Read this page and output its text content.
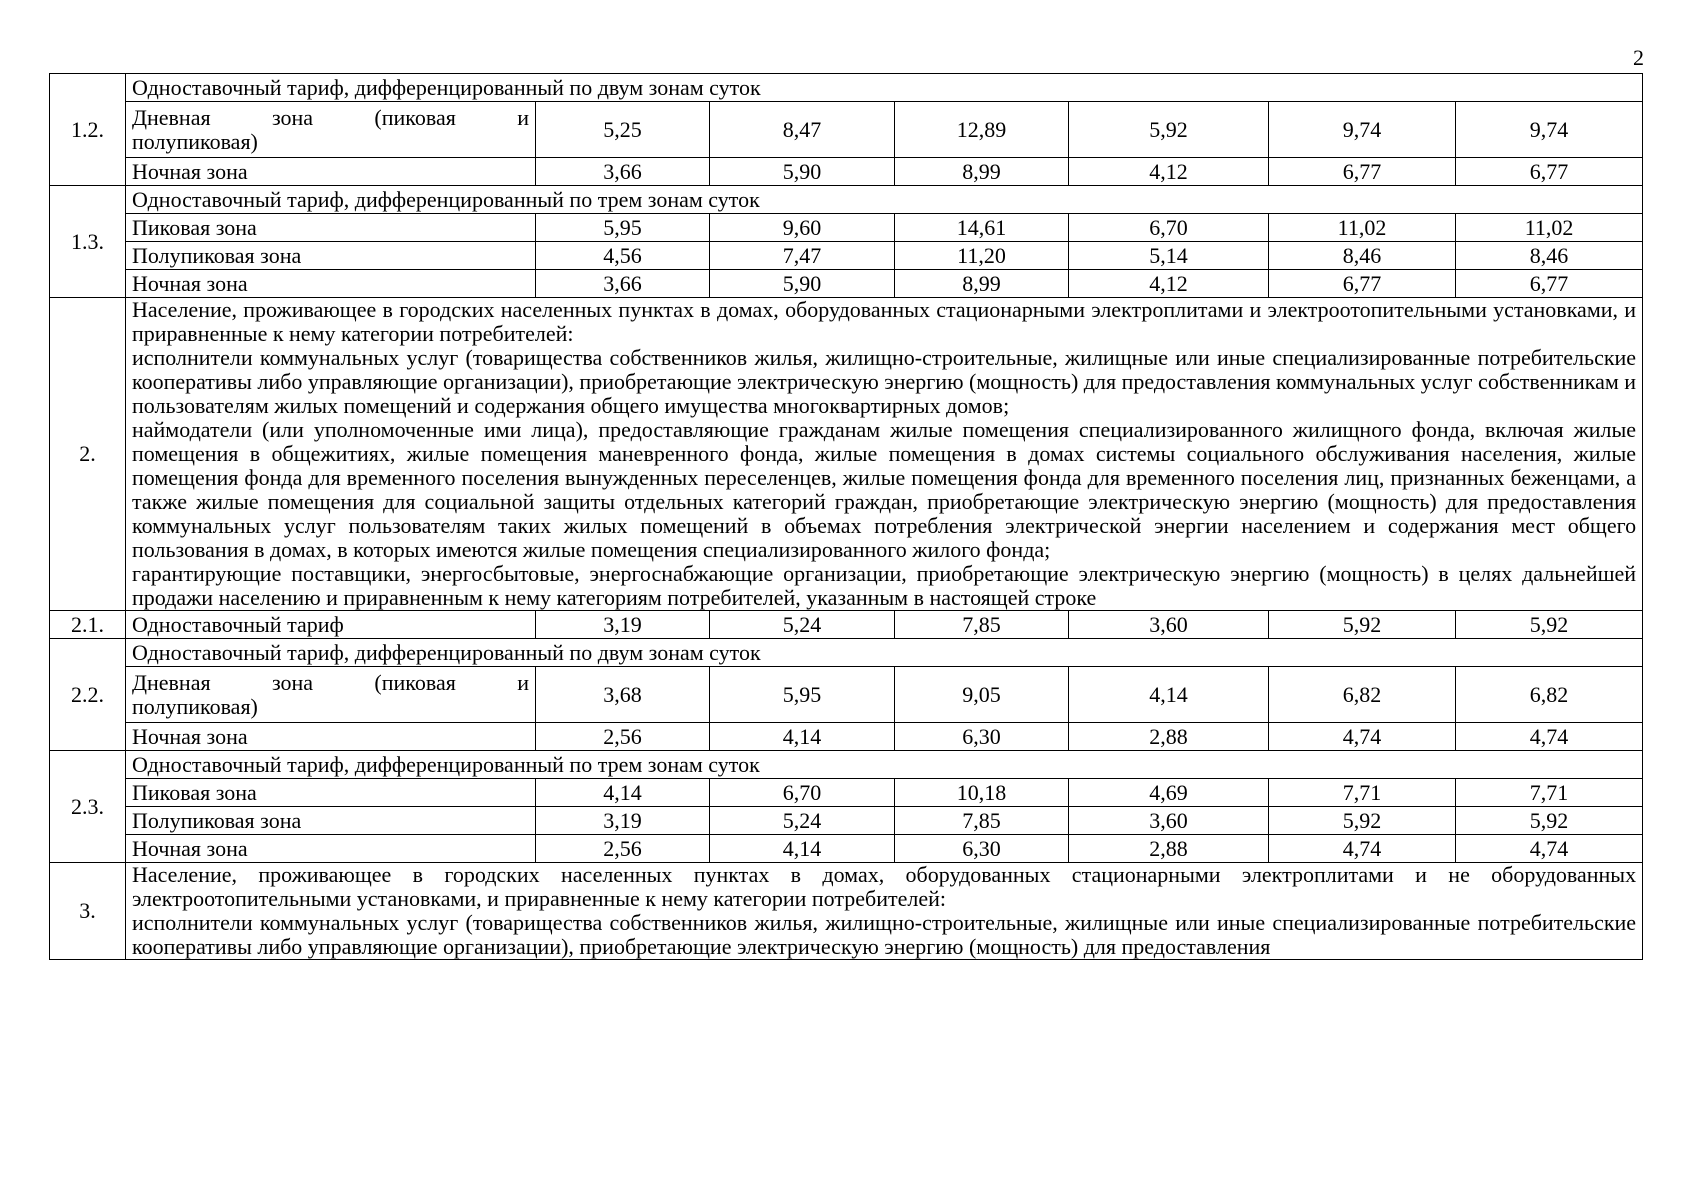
2
1.2.	Одноставочный тариф, дифференцированный по двум зонам суток						

	Дневная зона (пиковая и
полупиковая)	5,25	8,47	12,89	5,92	9,74	9,74
	Ночная зона	3,66	5,90	8,99	4,12	6,77	6,77
1.3.	Одноставочный тариф, дифференцированный по трем зонам суток						
	Пиковая зона	5,95	9,60	14,61	6,70	11,02	11,02
	Полупиковая зона	4,56	7,47	11,20	5,14	8,46	8,46
	Ночная зона	3,66	5,90	8,99	4,12	6,77	6,77
2.	Население, проживающее в городских населенных пунктах в домах, оборудованных стационарными электроплитами и электроотопительными установками, и приравненные к нему категории потребителей:

исполнители коммунальных услуг (товарищества собственников жилья, жилищно-строительные, жилищные или иные специализированные потребительские кооперативы либо управляющие организации), приобретающие электрическую энергию (мощность) для предоставления коммунальных услуг собственникам и пользователям жилых помещений и содержания общего имущества многоквартирных домов;

наймодатели (или уполномоченные ими лица), предоставляющие гражданам жилые помещения специализированного жилищного фонда, включая жилые помещения в общежитиях, жилые помещения маневренного фонда, жилые помещения в домах системы социального обслуживания населения, жилые помещения фонда для временного поселения вынужденных переселенцев, жилые помещения фонда для временного поселения лиц, признанных беженцами, а также жилые помещения для социальной защиты отдельных категорий граждан, приобретающие электрическую энергию (мощность) для предоставления коммунальных услуг пользователям таких жилых помещений в объемах потребления электрической энергии населением и содержания мест общего пользования в домах, в которых имеются жилые помещения специализированного жилого фонда;

гарантирующие поставщики, энергосбытовые, энергоснабжающие организации, приобретающие электрическую энергию (мощность) в целях дальнейшей продажи населению и приравненным к нему категориям потребителей, указанным в настоящей строке						

2.1.	Одноставочный тариф	3,19	5,24	7,85	3,60	5,92	5,92
2.2.	Одноставочный тариф, дифференцированный по двум зонам суток						

	Дневная зона (пиковая и
полупиковая)	3,68	5,95	9,05	4,14	6,82	6,82
	Ночная зона	2,56	4,14	6,30	2,88	4,74	4,74
2.3.	Одноставочный тариф, дифференцированный по трем зонам суток						
	Пиковая зона	4,14	6,70	10,18	4,69	7,71	7,71
	Полупиковая зона	3,19	5,24	7,85	3,60	5,92	5,92
	Ночная зона	2,56	4,14	6,30	2,88	4,74	4,74
3.	Население, проживающее в городских населенных пунктах в домах, оборудованных стационарными электроплитами и не оборудованных электроотопительными установками, и приравненные к нему категории потребителей:

исполнители коммунальных услуг (товарищества собственников жилья, жилищно-строительные, жилищные или иные специализированные потребительские кооперативы либо управляющие организации), приобретающие электрическую энергию (мощность) для предоставления						
